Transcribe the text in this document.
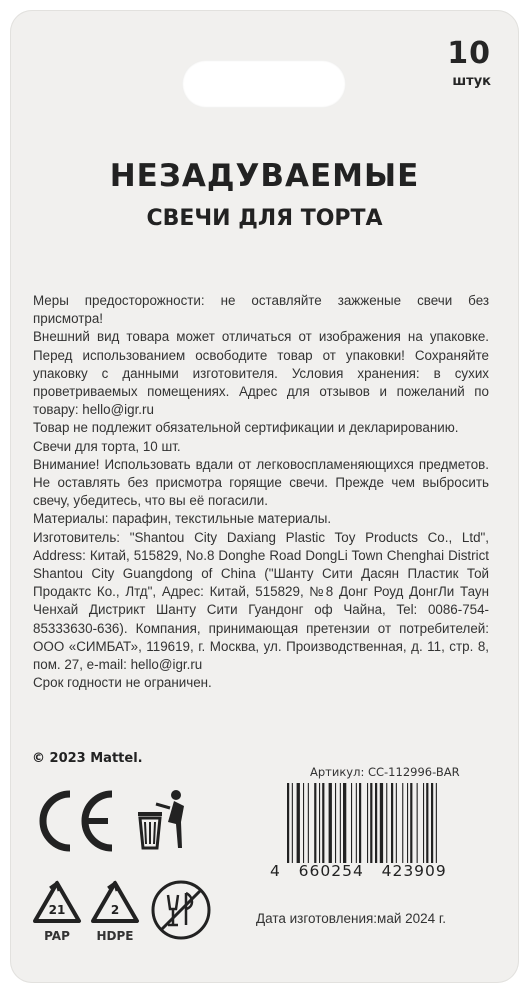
10
штук
НЕЗАДУВАЕМЫЕ
СВЕЧИ ДЛЯ ТОРТА

Меры предосторожности: не оставляйте зажженые свечи без присмотра!

Внешний вид товара может отличаться от изображения на упаковке. Перед использованием освободите товар от упаковки! Сохраняйте упаковку с данными изготовителя. Условия хранения: в сухих проветриваемых помещениях. Адрес для отзывов и пожеланий по товару: hello@igr.ru

Товар не подлежит обязательной сертификации и декларированию.

Свечи для торта, 10 шт.

Внимание! Использовать вдали от легковоспламеняющихся предметов. Не оставлять без присмотра горящие свечи. Прежде чем выбросить свечу, убедитесь, что вы её погасили.

Материалы: парафин, текстильные материалы.

Изготовитель: "Shantou City Daxiang Plastic Toy Products Co., Ltd", Address: Китай, 515829, No.8 Donghe Road DongLi Town Chenghai District Shantou City Guangdong of China ("Шанту Сити Дасян Пластик Той Продактс Ко., Лтд", Адрес: Китай, 515829, №8 Донг Роуд ДонгЛи Таун Ченхай Дистрикт Шанту Сити Гуандонг оф Чайна, Tel: 0086-754-85333630-636). Компания, принимающая претензии от потребителей: ООО «СИМБАТ», 119619, г. Москва, ул. Производственная, д. 11, стр. 8, пом. 27, e-mail: hello@igr.ru

Срок годности не ограничен.

© 2023 Mattel.
Артикул: CC-112996-BAR
4   660254   423909
21
PAP
2
HDPE
Дата изготовления:май 2024 г.
